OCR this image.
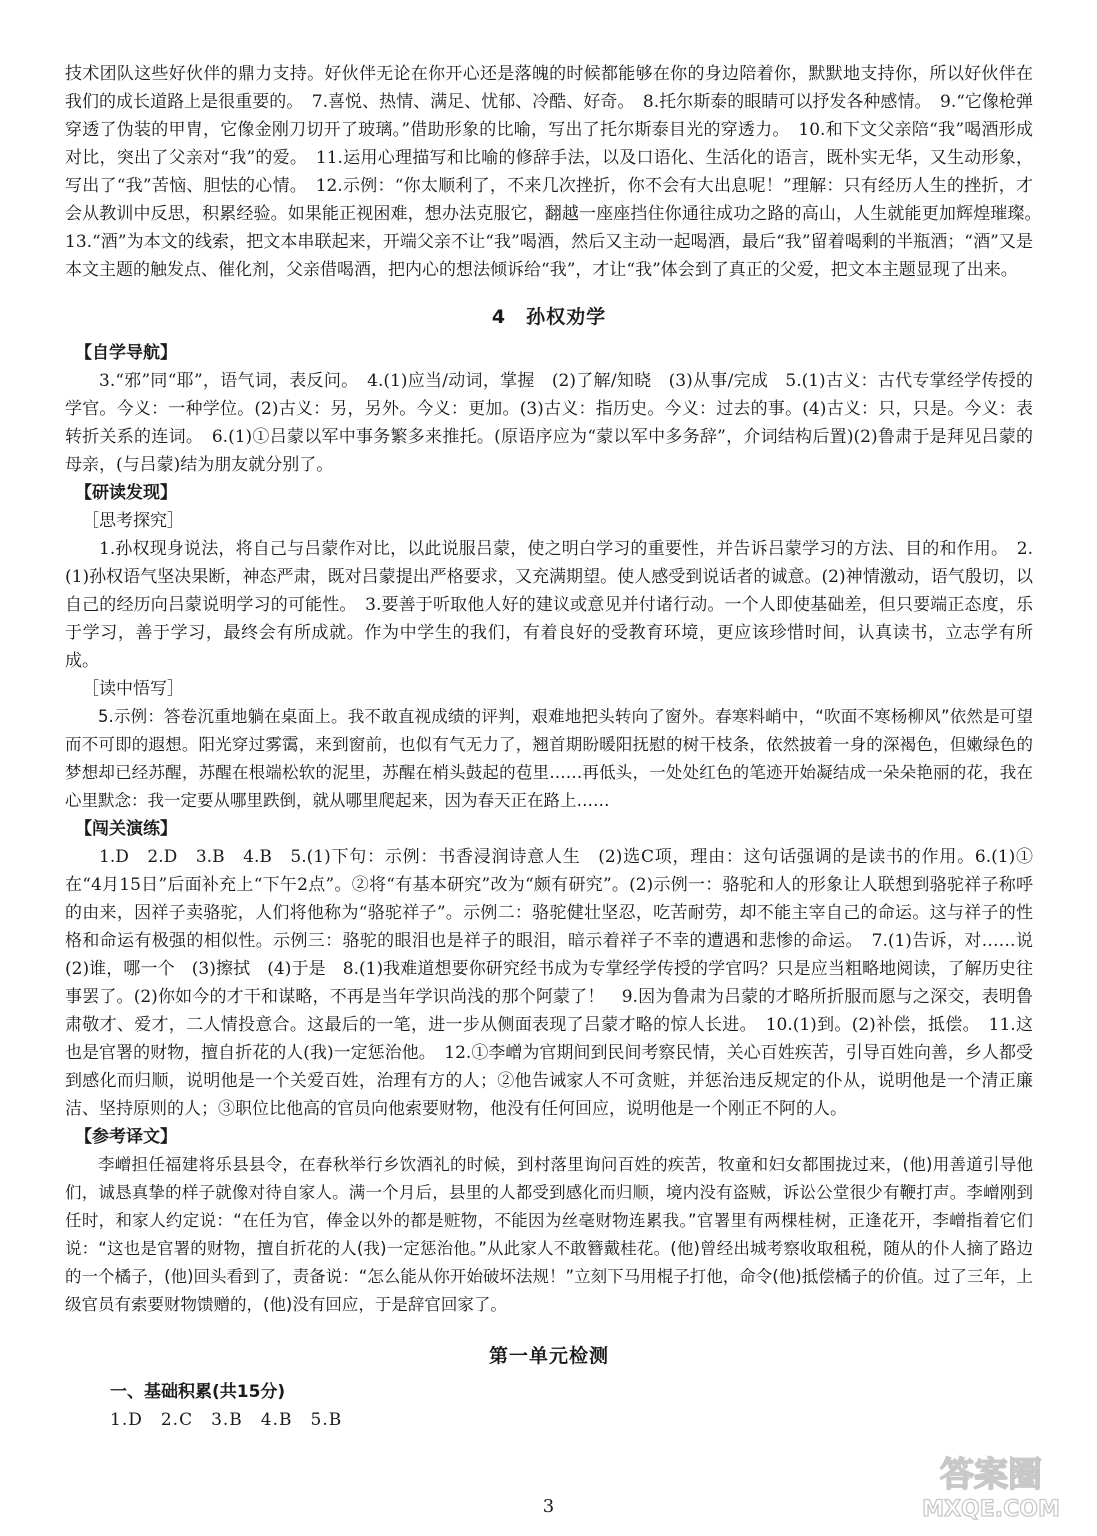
技术团队这些好伙伴的鼎力支持。好伙伴无论在你开心还是落魄的时候都能够在你的身边陪着你，默默地支持你，所以好伙伴在我们的成长道路上是很重要的。　7.喜悦、热情、满足、忧郁、冷酷、好奇。　8.托尔斯泰的眼睛可以抒发各种感情。　9.“它像枪弹穿透了伪装的甲胄，它像金刚刀切开了玻璃。”借助形象的比喻，写出了托尔斯泰目光的穿透力。　10.和下文父亲陪“我”喝酒形成对比，突出了父亲对“我”的爱。　11.运用心理描写和比喻的修辞手法，以及口语化、生活化的语言，既朴实无华，又生动形象，写出了“我”苦恼、胆怯的心情。　12.示例：“你太顺利了，不来几次挫折，你不会有大出息呢！”理解：只有经历人生的挫折，才会从教训中反思，积累经验。如果能正视困难，想办法克服它，翻越一座座挡住你通往成功之路的高山，人生就能更加辉煌璀璨。　13.“酒”为本文的线索，把文本串联起来，开端父亲不让“我”喝酒，然后又主动一起喝酒，最后“我”留着喝剩的半瓶酒；“酒”又是本文主题的触发点、催化剂，父亲借喝酒，把内心的想法倾诉给“我”，才让“我”体会到了真正的父爱，把文本主题显现了出来。

4　孙权劝学
【自学导航】

3.“邪”同“耶”，语气词，表反问。　4.(1)应当/动词，掌握　(2)了解/知晓　(3)从事/完成　5.(1)古义：古代专掌经学传授的学官。今义：一种学位。(2)古义：另，另外。今义：更加。(3)古义：指历史。今义：过去的事。(4)古义：只，只是。今义：表转折关系的连词。　6.(1)①吕蒙以军中事务繁多来推托。(原语序应为“蒙以军中多务辞”，介词结构后置)(2)鲁肃于是拜见吕蒙的母亲，(与吕蒙)结为朋友就分别了。

【研读发现】
［思考探究］

1.孙权现身说法，将自己与吕蒙作对比，以此说服吕蒙，使之明白学习的重要性，并告诉吕蒙学习的方法、目的和作用。　2.(1)孙权语气坚决果断，神态严肃，既对吕蒙提出严格要求，又充满期望。使人感受到说话者的诚意。(2)神情激动，语气殷切，以自己的经历向吕蒙说明学习的可能性。　3.要善于听取他人好的建议或意见并付诸行动。一个人即使基础差，但只要端正态度，乐于学习，善于学习，最终会有所成就。作为中学生的我们，有着良好的受教育环境，更应该珍惜时间，认真读书，立志学有所成。

［读中悟写］

5.示例：答卷沉重地躺在桌面上。我不敢直视成绩的评判，艰难地把头转向了窗外。春寒料峭中，“吹面不寒杨柳风”依然是可望而不可即的遐想。阳光穿过雾霭，来到窗前，也似有气无力了，翘首期盼暖阳抚慰的树干枝条，依然披着一身的深褐色，但嫩绿色的梦想却已经苏醒，苏醒在根端松软的泥里，苏醒在梢头鼓起的苞里……再低头，一处处红色的笔迹开始凝结成一朵朵艳丽的花，我在心里默念：我一定要从哪里跌倒，就从哪里爬起来，因为春天正在路上……

【闯关演练】

1.D　2.D　3.B　4.B　5.(1)下句：示例：书香浸润诗意人生　(2)选C项，理由：这句话强调的是读书的作用。6.(1)①在“4月15日”后面补充上“下午2点”。②将“有基本研究”改为“颇有研究”。(2)示例一：骆驼和人的形象让人联想到骆驼祥子称呼的由来，因祥子卖骆驼，人们将他称为“骆驼祥子”。示例二：骆驼健壮坚忍，吃苦耐劳，却不能主宰自己的命运。这与祥子的性格和命运有极强的相似性。示例三：骆驼的眼泪也是祥子的眼泪，暗示着祥子不幸的遭遇和悲惨的命运。　7.(1)告诉，对……说　(2)谁，哪一个　(3)擦拭　(4)于是　8.(1)我难道想要你研究经书成为专掌经学传授的学官吗？只是应当粗略地阅读，了解历史往事罢了。(2)你如今的才干和谋略，不再是当年学识尚浅的那个阿蒙了！　9.因为鲁肃为吕蒙的才略所折服而愿与之深交，表明鲁肃敬才、爱才，二人情投意合。这最后的一笔，进一步从侧面表现了吕蒙才略的惊人长进。　10.(1)到。(2)补偿，抵偿。　11.这也是官署的财物，擅自折花的人(我)一定惩治他。　12.①李嶒为官期间到民间考察民情，关心百姓疾苦，引导百姓向善，乡人都受到感化而归顺，说明他是一个关爱百姓，治理有方的人；②他告诫家人不可贪赃，并惩治违反规定的仆从，说明他是一个清正廉洁、坚持原则的人；③职位比他高的官员向他索要财物，他没有任何回应，说明他是一个刚正不阿的人。

【参考译文】

李嶒担任福建将乐县县令，在春秋举行乡饮酒礼的时候，到村落里询问百姓的疾苦，牧童和妇女都围拢过来，(他)用善道引导他们，诚恳真挚的样子就像对待自家人。满一个月后，县里的人都受到感化而归顺，境内没有盗贼，诉讼公堂很少有鞭打声。李嶒刚到任时，和家人约定说：“在任为官，俸金以外的都是赃物，不能因为丝毫财物连累我。”官署里有两棵桂树，正逢花开，李嶒指着它们说：“这也是官署的财物，擅自折花的人(我)一定惩治他。”从此家人不敢簪戴桂花。(他)曾经出城考察收取租税，随从的仆人摘了路边的一个橘子，(他)回头看到了，责备说：“怎么能从你开始破坏法规！”立刻下马用棍子打他，命令(他)抵偿橘子的价值。过了三年，上级官员有索要财物馈赠的，(他)没有回应，于是辞官回家了。

第一单元检测
一、基础积累(共15分)
1.D　2.C　3.B　4.B　5.B
3
答案圈
MXQE.COM
